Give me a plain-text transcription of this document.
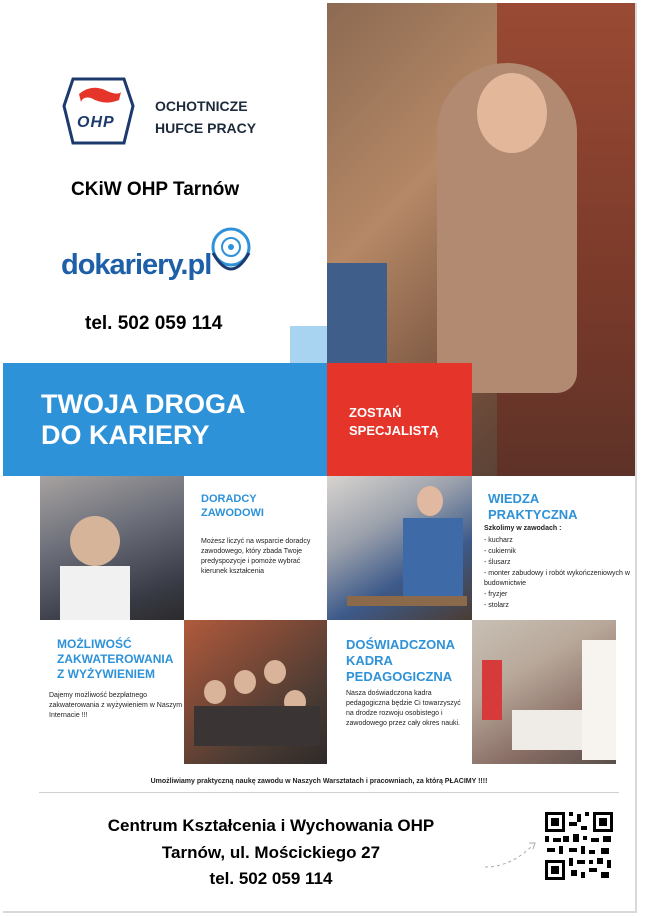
OHP
OCHOTNICZE
HUFCE PRACY
CKiW OHP Tarnów
dokariery.pl
tel. 502 059 114
TWOJA DROGA
DO KARIERY
ZOSTAŃ
SPECJALISTĄ
DORADCY
ZAWODOWI
Możesz liczyć na wsparcie doradcy zawodowego, który zbada Twoje predyspozycje i pomoże wybrać kierunek kształcenia
WIEDZA
PRAKTYCZNA
Szkolimy w zawodach :
- kucharz
- cukiernik
- ślusarz
- monter zabudowy i robót wykończeniowych w budownictwie
- fryzjer
- stolarz
MOŻLIWOŚĆ
ZAKWATEROWANIA
Z WYŻYWIENIEM
Dajemy możliwość bezpłatnego zakwaterowania z wyżywieniem w Naszym Internacie !!!
DOŚWIADCZONA
KADRA
PEDAGOGICZNA
Nasza doświadczona kadra pedagogiczna będzie Ci towarzyszyć na drodze rozwoju osobistego i zawodowego przez cały okres nauki.
Umożliwiamy praktyczną naukę zawodu w Naszych Warsztatach i pracowniach, za którą PŁACIMY !!!!
Centrum Kształcenia i Wychowania OHP
Tarnów, ul. Mościckiego 27
tel. 502 059 114
